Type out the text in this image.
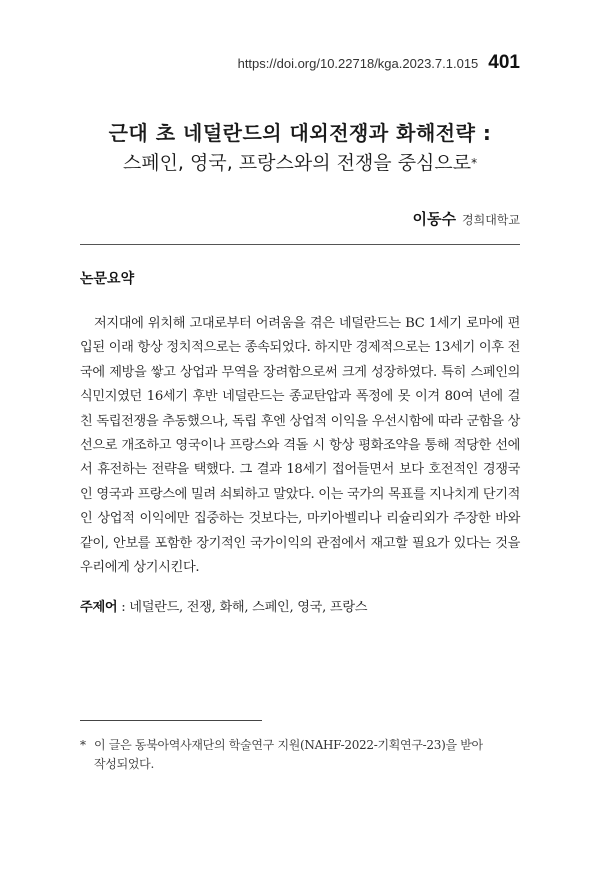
https://doi.org/10.22718/kga.2023.7.1.015 401
근대 초 네덜란드의 대외전쟁과 화해전략 :
스페인, 영국, 프랑스와의 전쟁을 중심으로*
이동수 경희대학교
논문요약

저지대에 위치해 고대로부터 어려움을 겪은 네덜란드는 BC 1세기 로마에 편입된 이래 항상 정치적으로는 종속되었다. 하지만 경제적으로는 13세기 이후 전국에 제방을 쌓고 상업과 무역을 장려함으로써 크게 성장하였다. 특히 스페인의 식민지였던 16세기 후반 네덜란드는 종교탄압과 폭정에 못 이겨 80여 년에 걸친 독립전쟁을 추동했으나, 독립 후엔 상업적 이익을 우선시함에 따라 군함을 상선으로 개조하고 영국이나 프랑스와 격돌 시 항상 평화조약을 통해 적당한 선에서 휴전하는 전략을 택했다. 그 결과 18세기 접어들면서 보다 호전적인 경쟁국인 영국과 프랑스에 밀려 쇠퇴하고 말았다. 이는 국가의 목표를 지나치게 단기적인 상업적 이익에만 집중하는 것보다는, 마키아벨리나 리슐리외가 주장한 바와 같이, 안보를 포함한 장기적인 국가이익의 관점에서 재고할 필요가 있다는 것을 우리에게 상기시킨다.

주제어 : 네덜란드, 전쟁, 화해, 스페인, 영국, 프랑스
* 이 글은 동북아역사재단의 학술연구 지원(NAHF-2022-기획연구-23)을 받아
작성되었다.
